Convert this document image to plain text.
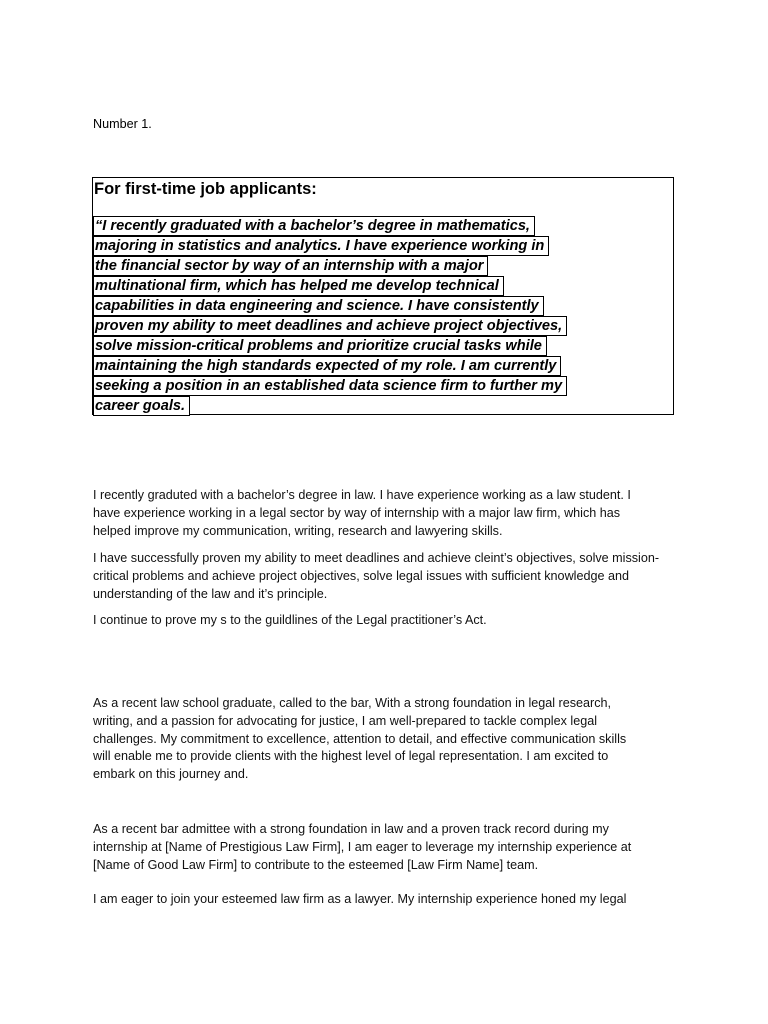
Number 1.
For first-time job applicants:
“I recently graduated with a bachelor’s degree in mathematics,
majoring in statistics and analytics. I have experience working in
the financial sector by way of an internship with a major
multinational firm, which has helped me develop technical
capabilities in data engineering and science. I have consistently
proven my ability to meet deadlines and achieve project objectives,
solve mission-critical problems and prioritize crucial tasks while
maintaining the high standards expected of my role. I am currently
seeking a position in an established data science firm to further my
career goals.
I recently graduted with a bachelor’s degree in law. I have experience working as a law student. I
have experience working in a legal sector by way of internship with a major law firm, which has
helped improve my communication, writing, research and lawyering skills.
I have successfully proven my ability to meet deadlines and achieve cleint’s objectives, solve mission-
critical problems and achieve project objectives, solve legal issues with sufficient knowledge and
understanding of the law and it’s principle.
I continue to prove my s to the guildlines of the Legal practitioner’s Act.
As a recent law school graduate, called to the bar, With a strong foundation in legal research,
writing, and a passion for advocating for justice, I am well-prepared to tackle complex legal
challenges. My commitment to excellence, attention to detail, and effective communication skills
will enable me to provide clients with the highest level of legal representation. I am excited to
embark on this journey and.
As a recent bar admittee with a strong foundation in law and a proven track record during my
internship at [Name of Prestigious Law Firm], I am eager to leverage my internship experience at
[Name of Good Law Firm] to contribute to the esteemed [Law Firm Name] team.
I am eager to join your esteemed law firm as a lawyer. My internship experience honed my legal
